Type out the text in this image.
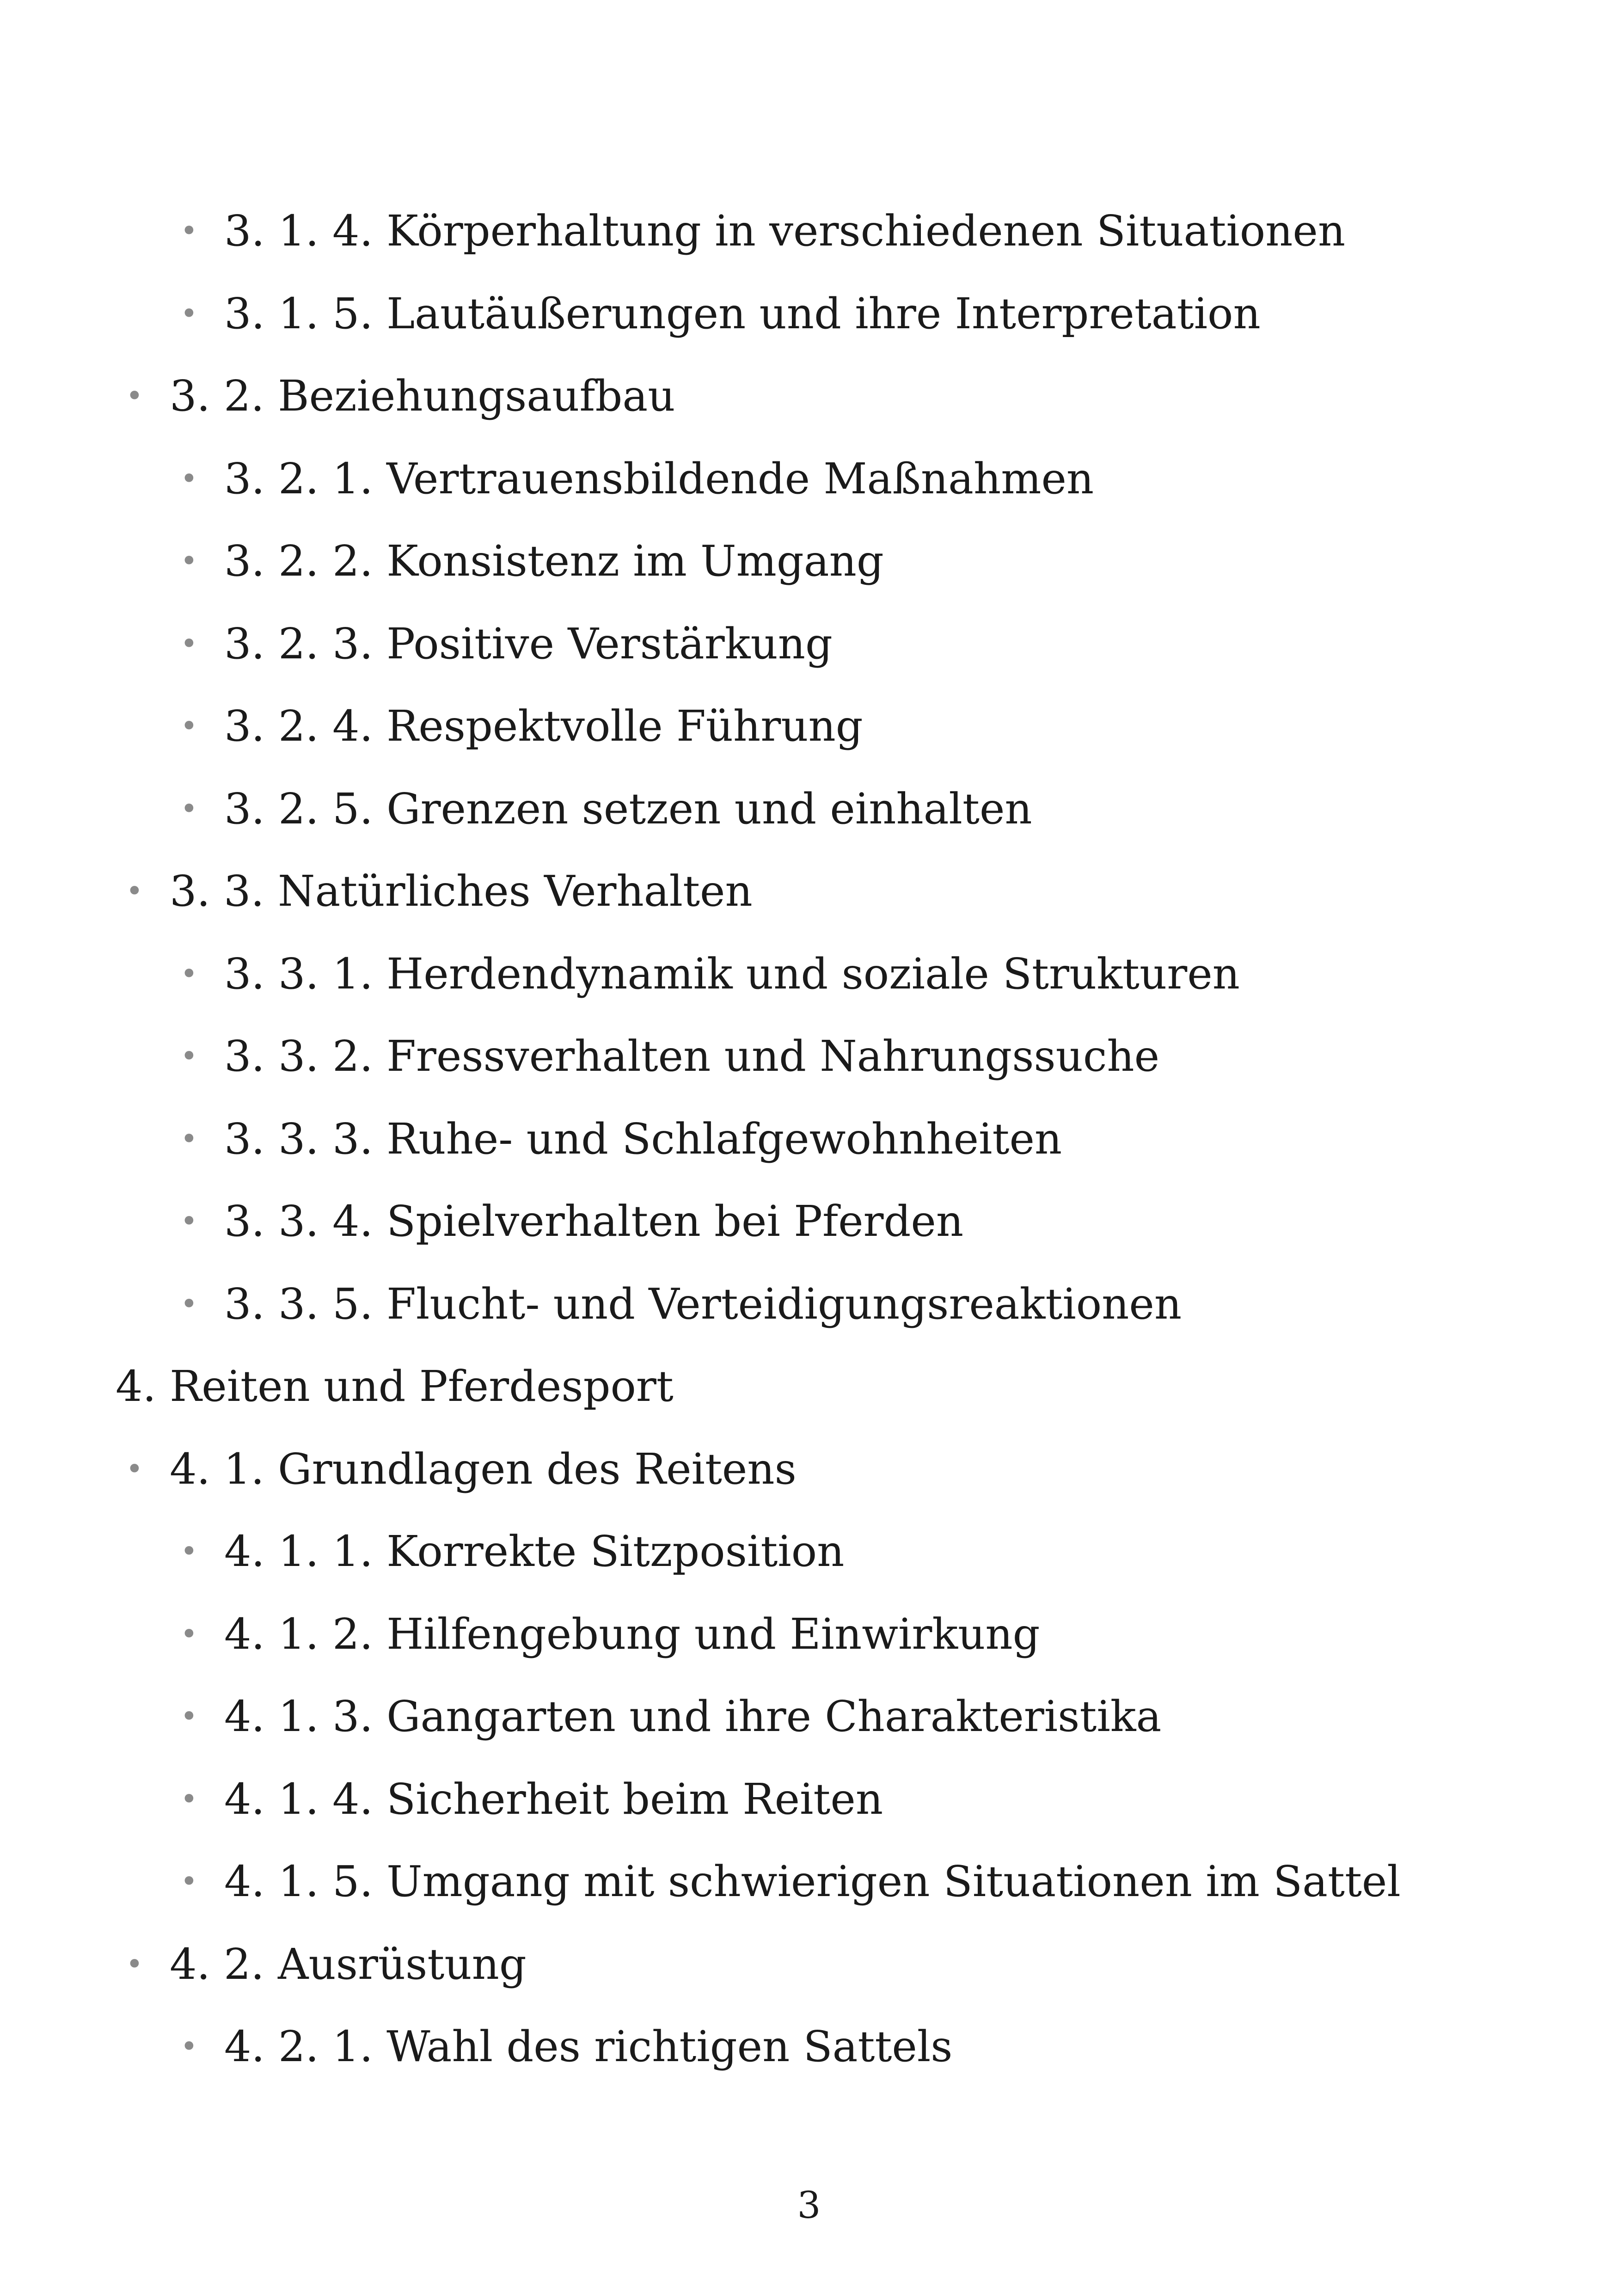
• 3. 1. 4. Körperhaltung in verschiedenen Situationen
• 3. 1. 5. Lautäußerungen und ihre Interpretation
• 3. 2. Beziehungsaufbau
• 3. 2. 1. Vertrauensbildende Maßnahmen
• 3. 2. 2. Konsistenz im Umgang
• 3. 2. 3. Positive Verstärkung
• 3. 2. 4. Respektvolle Führung
• 3. 2. 5. Grenzen setzen und einhalten
• 3. 3. Natürliches Verhalten
• 3. 3. 1. Herdendynamik und soziale Strukturen
• 3. 3. 2. Fressverhalten und Nahrungssuche
• 3. 3. 3. Ruhe- und Schlafgewohnheiten
• 3. 3. 4. Spielverhalten bei Pferden
• 3. 3. 5. Flucht- und Verteidigungsreaktionen
4. Reiten und Pferdesport
• 4. 1. Grundlagen des Reitens
• 4. 1. 1. Korrekte Sitzposition
• 4. 1. 2. Hilfengebung und Einwirkung
• 4. 1. 3. Gangarten und ihre Charakteristika
• 4. 1. 4. Sicherheit beim Reiten
• 4. 1. 5. Umgang mit schwierigen Situationen im Sattel
• 4. 2. Ausrüstung
• 4. 2. 1. Wahl des richtigen Sattels
3
